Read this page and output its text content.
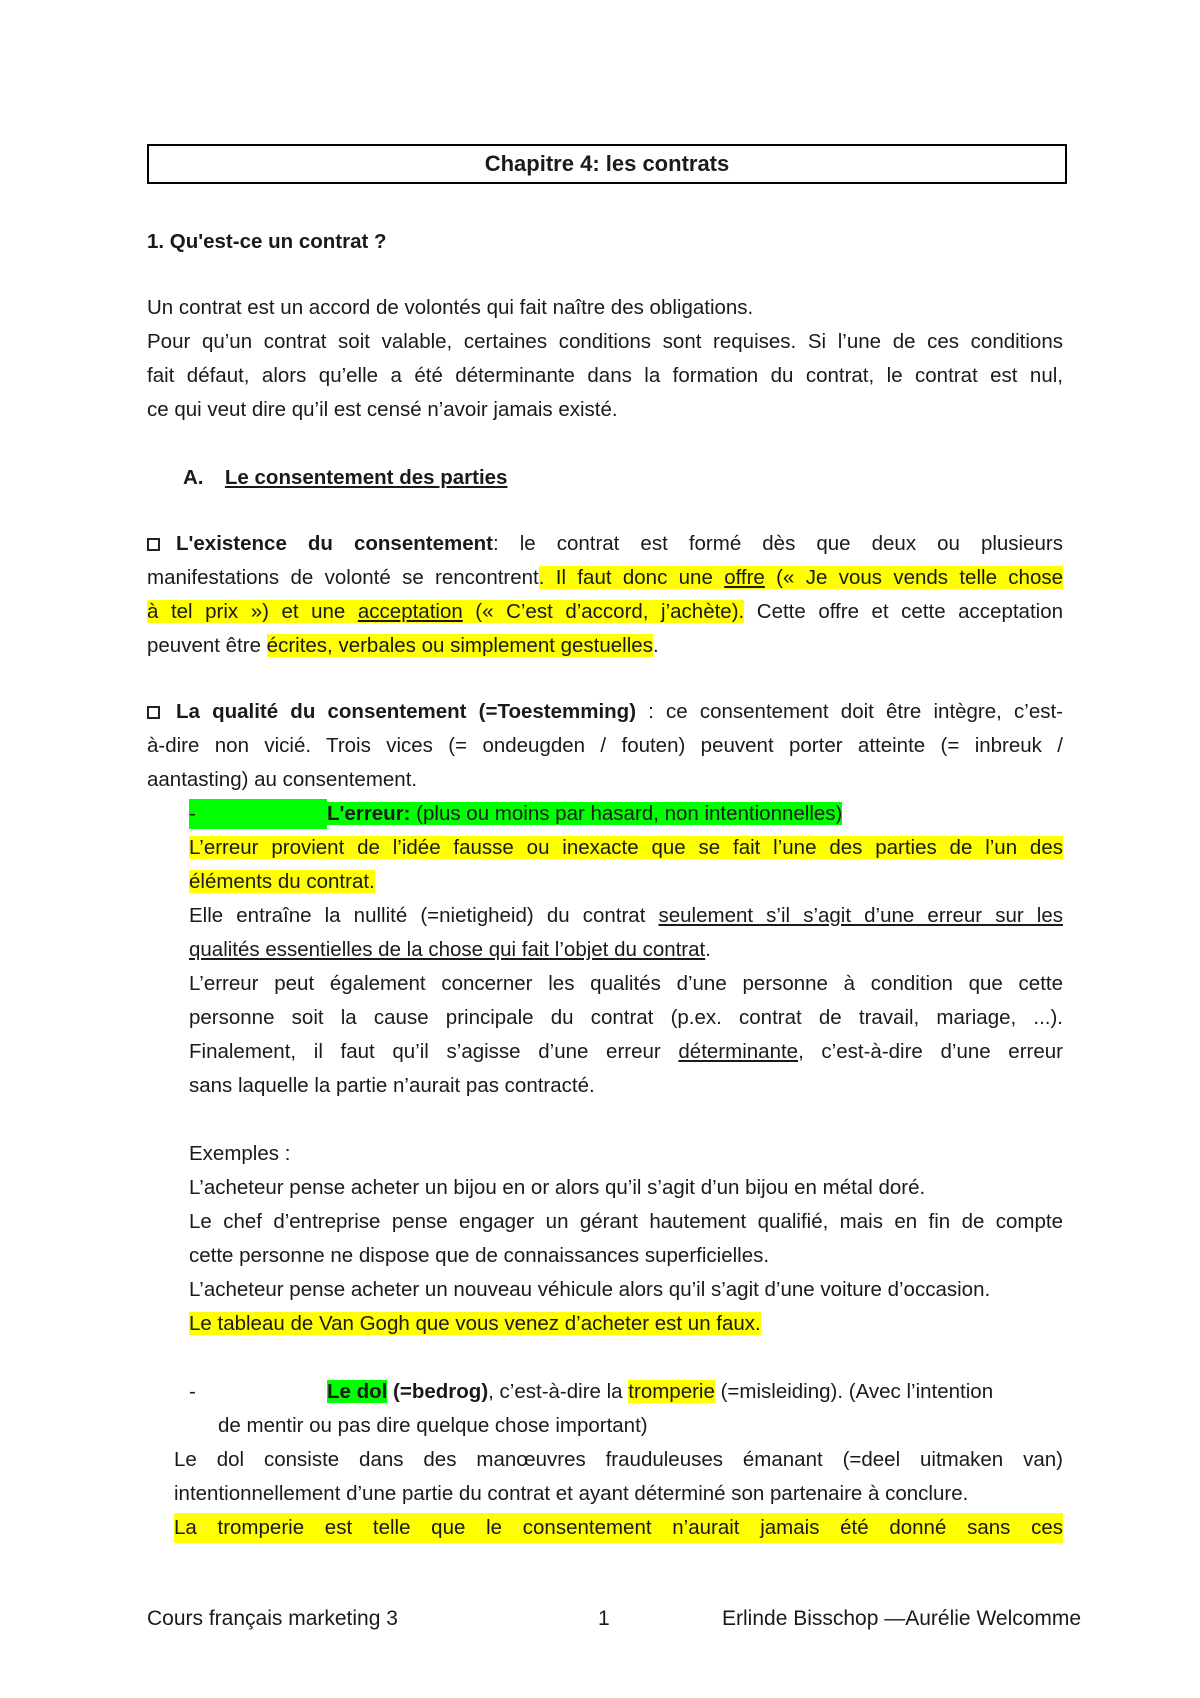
Chapitre 4: les contrats
1. Qu'est-ce un contrat ?
Un contrat est un accord de volontés qui fait naître des obligations.
Pour qu’un contrat soit valable, certaines conditions sont requises. Si l’une de ces conditions
fait défaut, alors qu’elle a été déterminante dans la formation du contrat, le contrat est nul,
ce qui veut dire qu’il est censé n’avoir jamais existé.
A. Le consentement des parties
L'existence du consentement: le contrat est formé dès que deux ou plusieurs
manifestations de volonté se rencontrent. Il faut donc une offre (« Je vous vends telle chose
à tel prix ») et une acceptation (« C’est d’accord, j’achète). Cette offre et cette acceptation
peuvent être écrites, verbales ou simplement gestuelles.
La qualité du consentement (=Toestemming) : ce consentement doit être intègre, c’est-
à-dire non vicié. Trois vices (= ondeugden / fouten) peuvent porter atteinte (= inbreuk /
aantasting) au consentement.
-	L'erreur: (plus ou moins par hasard, non intentionnelles)
L’erreur provient de l’idée fausse ou inexacte que se fait l’une des parties de l’un des
éléments du contrat.
Elle entraîne la nullité (=nietigheid) du contrat seulement s’il s’agit d’une erreur sur les
qualités essentielles de la chose qui fait l’objet du contrat.
L’erreur peut également concerner les qualités d’une personne à condition que cette
personne soit la cause principale du contrat (p.ex. contrat de travail, mariage, ...).
Finalement, il faut qu’il s’agisse d’une erreur déterminante, c’est-à-dire d’une erreur
sans laquelle la partie n’aurait pas contracté.
Exemples :
L’acheteur pense acheter un bijou en or alors qu’il s’agit d’un bijou en métal doré.
Le chef d’entreprise pense engager un gérant hautement qualifié, mais en fin de compte
cette personne ne dispose que de connaissances superficielles.
L’acheteur pense acheter un nouveau véhicule alors qu’il s’agit d’une voiture d’occasion.
Le tableau de Van Gogh que vous venez d’acheter est un faux.
-	Le dol (=bedrog), c’est-à-dire la tromperie (=misleiding). (Avec l’intention
de mentir ou pas dire quelque chose important)
Le dol consiste dans des manœuvres frauduleuses émanant (=deel uitmaken van)
intentionnellement d’une partie du contrat et ayant déterminé son partenaire à conclure.
La tromperie est telle que le consentement n’aurait jamais été donné sans ces
Cours français marketing 3	1	Erlinde Bisschop —Aurélie Welcomme
